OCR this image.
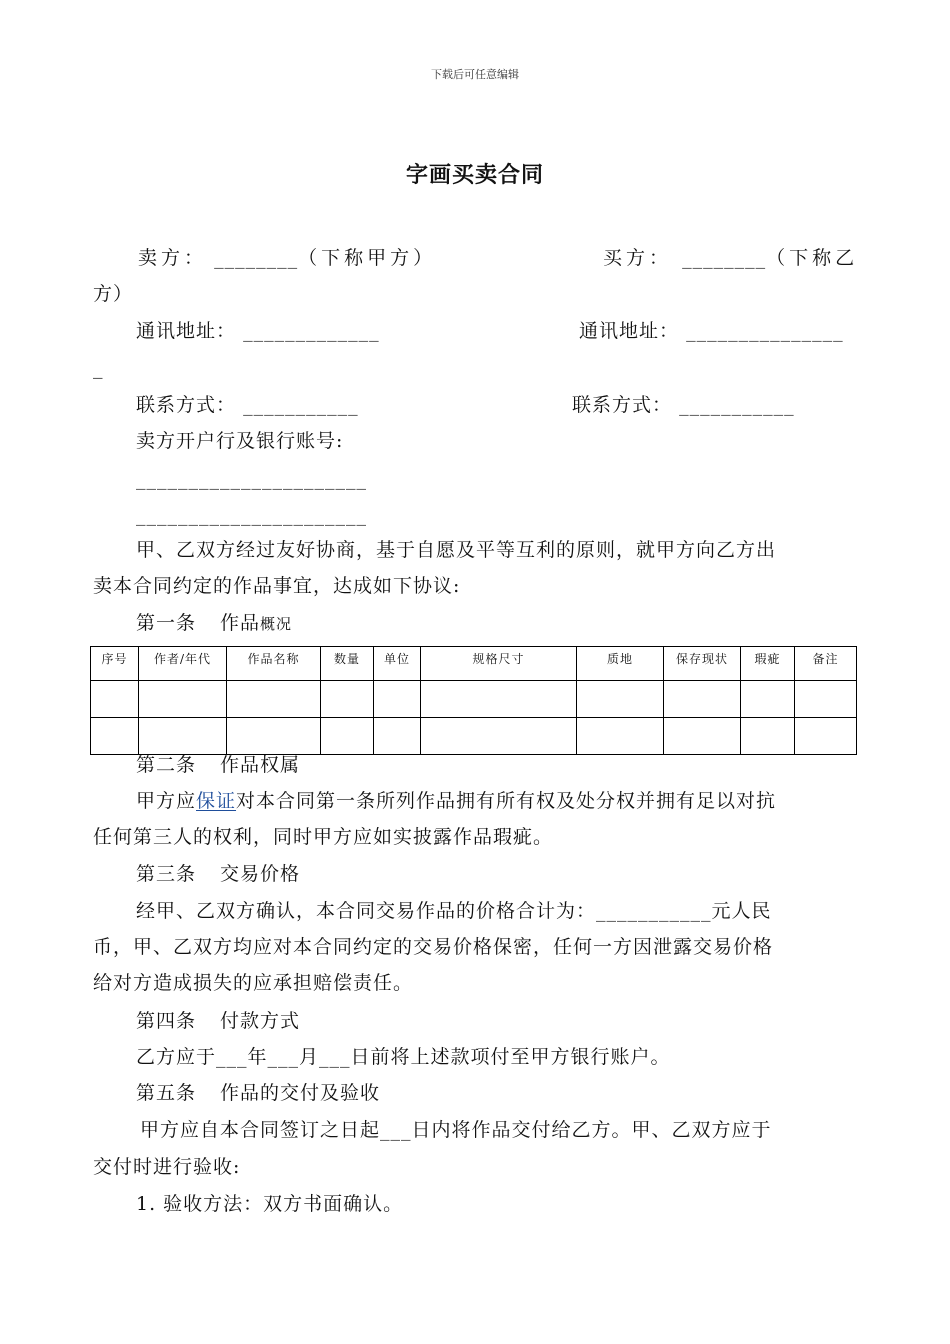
下载后可任意编辑
字画买卖合同
卖方： ________（下称甲方）	买方： ________（下称乙
方）
通讯地址： _____________	通讯地址： _______________
_
联系方式： ___________	联系方式： ___________
卖方开户行及银行账号:
______________________
______________________
甲、乙双方经过友好协商，基于自愿及平等互利的原则，就甲方向乙方出
卖本合同约定的作品事宜，达成如下协议:
第一条 作品概况
序号	作者/年代	作品名称	数量	单位	规格尺寸	质地	保存现状	瑕疵	备注

第二条 作品权属
甲方应保证对本合同第一条所列作品拥有所有权及处分权并拥有足以对抗
任何第三人的权利，同时甲方应如实披露作品瑕疵。
第三条 交易价格
经甲、乙双方确认，本合同交易作品的价格合计为：___________元人民
币，甲、乙双方均应对本合同约定的交易价格保密，任何一方因泄露交易价格
给对方造成损失的应承担赔偿责任。
第四条 付款方式
乙方应于___年___月___日前将上述款项付至甲方银行账户。
第五条 作品的交付及验收
甲方应自本合同签订之日起___日内将作品交付给乙方。甲、乙双方应于
交付时进行验收:
1. 验收方法：双方书面确认。
